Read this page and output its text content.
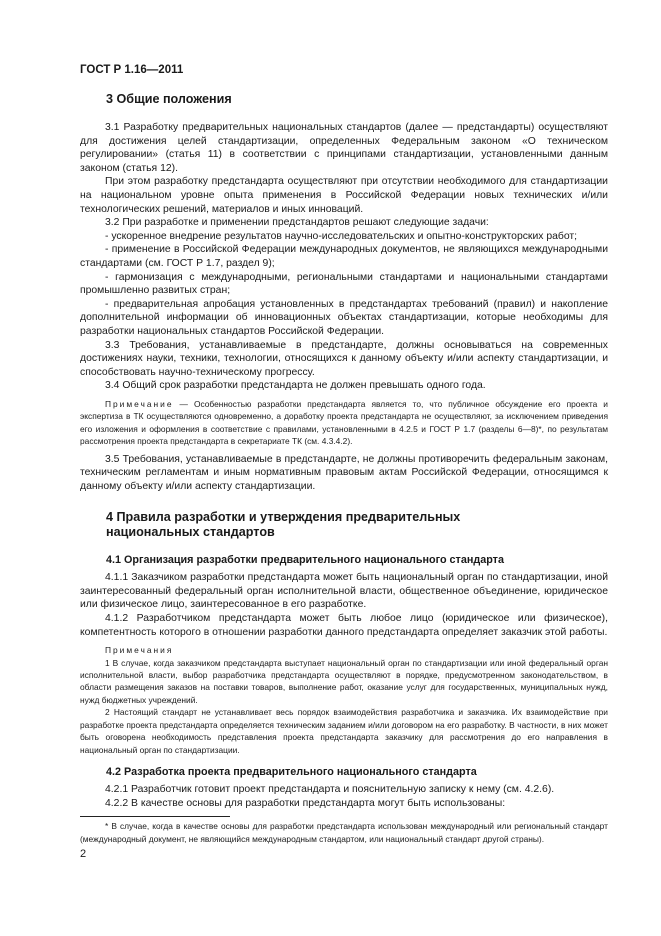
ГОСТ Р 1.16—2011
3 Общие положения

3.1 Разработку предварительных национальных стандартов (далее — предстандарты) осуществляют для достижения целей стандартизации, определенных Федеральным законом «О техническом регулировании» (статья 11) в соответствии с принципами стандартизации, установленными данным законом (статья 12).

При этом разработку предстандарта осуществляют при отсутствии необходимого для стандартизации на национальном уровне опыта применения в Российской Федерации новых технических и/или технологических решений, материалов и иных инноваций.

3.2 При разработке и применении предстандартов решают следующие задачи:

- ускоренное внедрение результатов научно-исследовательских и опытно-конструкторских работ;

- применение в Российской Федерации международных документов, не являющихся международными стандартами (см. ГОСТ Р 1.7, раздел 9);

- гармонизация с международными, региональными стандартами и национальными стандартами промышленно развитых стран;

- предварительная апробация установленных в предстандартах требований (правил) и накопление дополнительной информации об инновационных объектах стандартизации, которые необходимы для разработки национальных стандартов Российской Федерации.

3.3 Требования, устанавливаемые в предстандарте, должны основываться на современных достижениях науки, техники, технологии, относящихся к данному объекту и/или аспекту стандартизации, и способствовать научно-техническому прогрессу.

3.4 Общий срок разработки предстандарта не должен превышать одного года.

Примечание — Особенностью разработки предстандарта является то, что публичное обсуждение его проекта и экспертиза в ТК осуществляются одновременно, а доработку проекта предстандарта не осуществляют, за исключением приведения его изложения и оформления в соответствие с правилами, установленными в 4.2.5 и ГОСТ Р 1.7 (разделы 6—8)*, по результатам рассмотрения проекта предстандарта в секретариате ТК (см. 4.3.4.2).

3.5 Требования, устанавливаемые в предстандарте, не должны противоречить федеральным законам, техническим регламентам и иным нормативным правовым актам Российской Федерации, относящимся к данному объекту и/или аспекту стандартизации.

4 Правила разработки и утверждения предварительных
национальных стандартов
4.1 Организация разработки предварительного национального стандарта

4.1.1 Заказчиком разработки предстандарта может быть национальный орган по стандартизации, иной заинтересованный федеральный орган исполнительной власти, общественное объединение, юридическое или физическое лицо, заинтересованное в его разработке.

4.1.2 Разработчиком предстандарта может быть любое лицо (юридическое или физическое), компетентность которого в отношении разработки данного предстандарта определяет заказчик этой работы.

Примечания

1 В случае, когда заказчиком предстандарта выступает национальный орган по стандартизации или иной федеральный орган исполнительной власти, выбор разработчика предстандарта осуществляют в порядке, предусмотренном законодательством, в области размещения заказов на поставки товаров, выполнение работ, оказание услуг для государственных, муниципальных нужд, нужд бюджетных учреждений.

2 Настоящий стандарт не устанавливает весь порядок взаимодействия разработчика и заказчика. Их взаимодействие при разработке проекта предстандарта определяется техническим заданием и/или договором на его разработку. В частности, в них может быть оговорена необходимость представления проекта предстандарта заказчику для рассмотрения до его направления в национальный орган по стандартизации.

4.2 Разработка проекта предварительного национального стандарта

4.2.1 Разработчик готовит проект предстандарта и пояснительную записку к нему (см. 4.2.6).

4.2.2 В качестве основы для разработки предстандарта могут быть использованы:

* В случае, когда в качестве основы для разработки предстандарта использован международный или региональный стандарт (международный документ, не являющийся международным стандартом, или национальный стандарт другой страны).

2
